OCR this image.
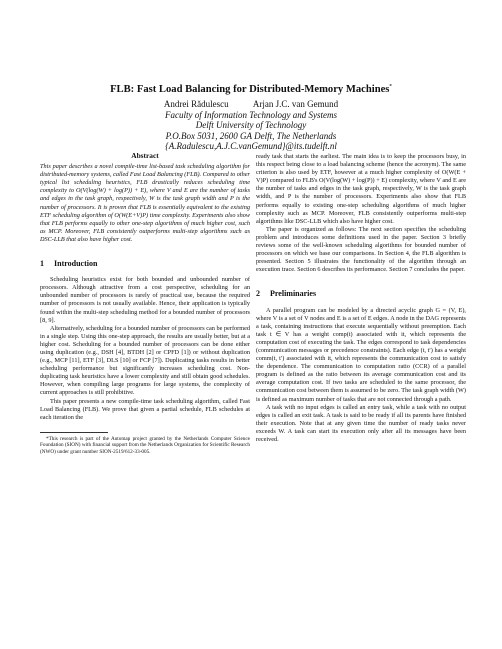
FLB: Fast Load Balancing for Distributed-Memory Machines*
Andrei Rădulescu	Arjan J.C. van Gemund
Faculty of Information Technology and Systems
Delft University of Technology
P.O.Box 5031, 2600 GA Delft, The Netherlands
{A.Radulescu,A.J.C.vanGemund}@its.tudelft.nl
Abstract

This paper describes a novel compile-time list-based task scheduling algorithm for distributed-memory systems, called Fast Load Balancing (FLB). Compared to other typical list scheduling heuristics, FLB drastically reduces scheduling time complexity to O(V(log(W) + log(P)) + E), where V and E are the number of tasks and edges in the task graph, respectively, W is the task graph width and P is the number of processors. It is proven that FLB is essentially equivalent to the existing ETF scheduling algorithm of O(W(E+V)P) time complexity. Experiments also show that FLB performs equally to other one-step algorithms of much higher cost, such as MCP. Moreover, FLB consistently outperforms multi-step algorithms such as DSC-LLB that also have higher cost.

1 Introduction

Scheduling heuristics exist for both bounded and unbounded number of processors. Although attractive from a cost perspective, scheduling for an unbounded number of processors is rarely of practical use, because the required number of processors is not usually available. Hence, their application is typically found within the multi-step scheduling method for a bounded number of processors [8, 9].

Alternatively, scheduling for a bounded number of processors can be performed in a single step. Using this one-step approach, the results are usually better, but at a higher cost. Scheduling for a bounded number of processors can be done either using duplication (e.g., DSH [4], BTDH [2] or CPFD [1]) or without duplication (e.g., MCP [11], ETF [3], DLS [10] or FCP [7]). Duplicating tasks results in better scheduling performance but significantly increases scheduling cost. Non-duplicating task heuristics have a lower complexity and still obtain good schedules. However, when compiling large programs for large systems, the complexity of current approaches is still prohibitive.

This paper presents a new compile-time task scheduling algorithm, called Fast Load Balancing (FLB). We prove that given a partial schedule, FLB schedules at each iteration the

*This research is part of the Automap project granted by the Netherlands Computer Science Foundation (SION) with financial support from the Netherlands Organization for Scientific Research (NWO) under grant number SION-2519/612-33-005.

ready task that starts the earliest. The main idea is to keep the processors busy, in this respect being close to a load balancing scheme (hence the acronym). The same criterion is also used by ETF, however at a much higher complexity of O(W(E + V)P) compared to FLB's O(V(log(W) + log(P)) + E) complexity, where V and E are the number of tasks and edges in the task graph, respectively, W is the task graph width, and P is the number of processors. Experiments also show that FLB performs equally to existing one-step scheduling algorithms of much higher complexity such as MCP. Moreover, FLB consistently outperforms multi-step algorithms like DSC-LLB which also have higher cost.

The paper is organized as follows: The next section specifies the scheduling problem and introduces some definitions used in the paper. Section 3 briefly reviews some of the well-known scheduling algorithms for bounded number of processors on which we base our comparisons. In Section 4, the FLB algorithm is presented. Section 5 illustrates the functionality of the algorithm through an execution trace. Section 6 describes its performance. Section 7 concludes the paper.

2 Preliminaries

A parallel program can be modeled by a directed acyclic graph G = (V, E), where V is a set of V nodes and E is a set of E edges. A node in the DAG represents a task, containing instructions that execute sequentially without preemption. Each task t ∈ V has a weight comp(t) associated with it, which represents the computation cost of executing the task. The edges correspond to task dependencies (communication messages or precedence constraints). Each edge (t, t′) has a weight comm(t, t′) associated with it, which represents the communication cost to satisfy the dependence. The communication to computation ratio (CCR) of a parallel program is defined as the ratio between its average communication cost and its average computation cost. If two tasks are scheduled to the same processor, the communication cost between them is assumed to be zero. The task graph width (W) is defined as maximum number of tasks that are not connected through a path.

A task with no input edges is called an entry task, while a task with no output edges is called an exit task. A task is said to be ready if all its parents have finished their execution. Note that at any given time the number of ready tasks never exceeds W. A task can start its execution only after all its messages have been received.
